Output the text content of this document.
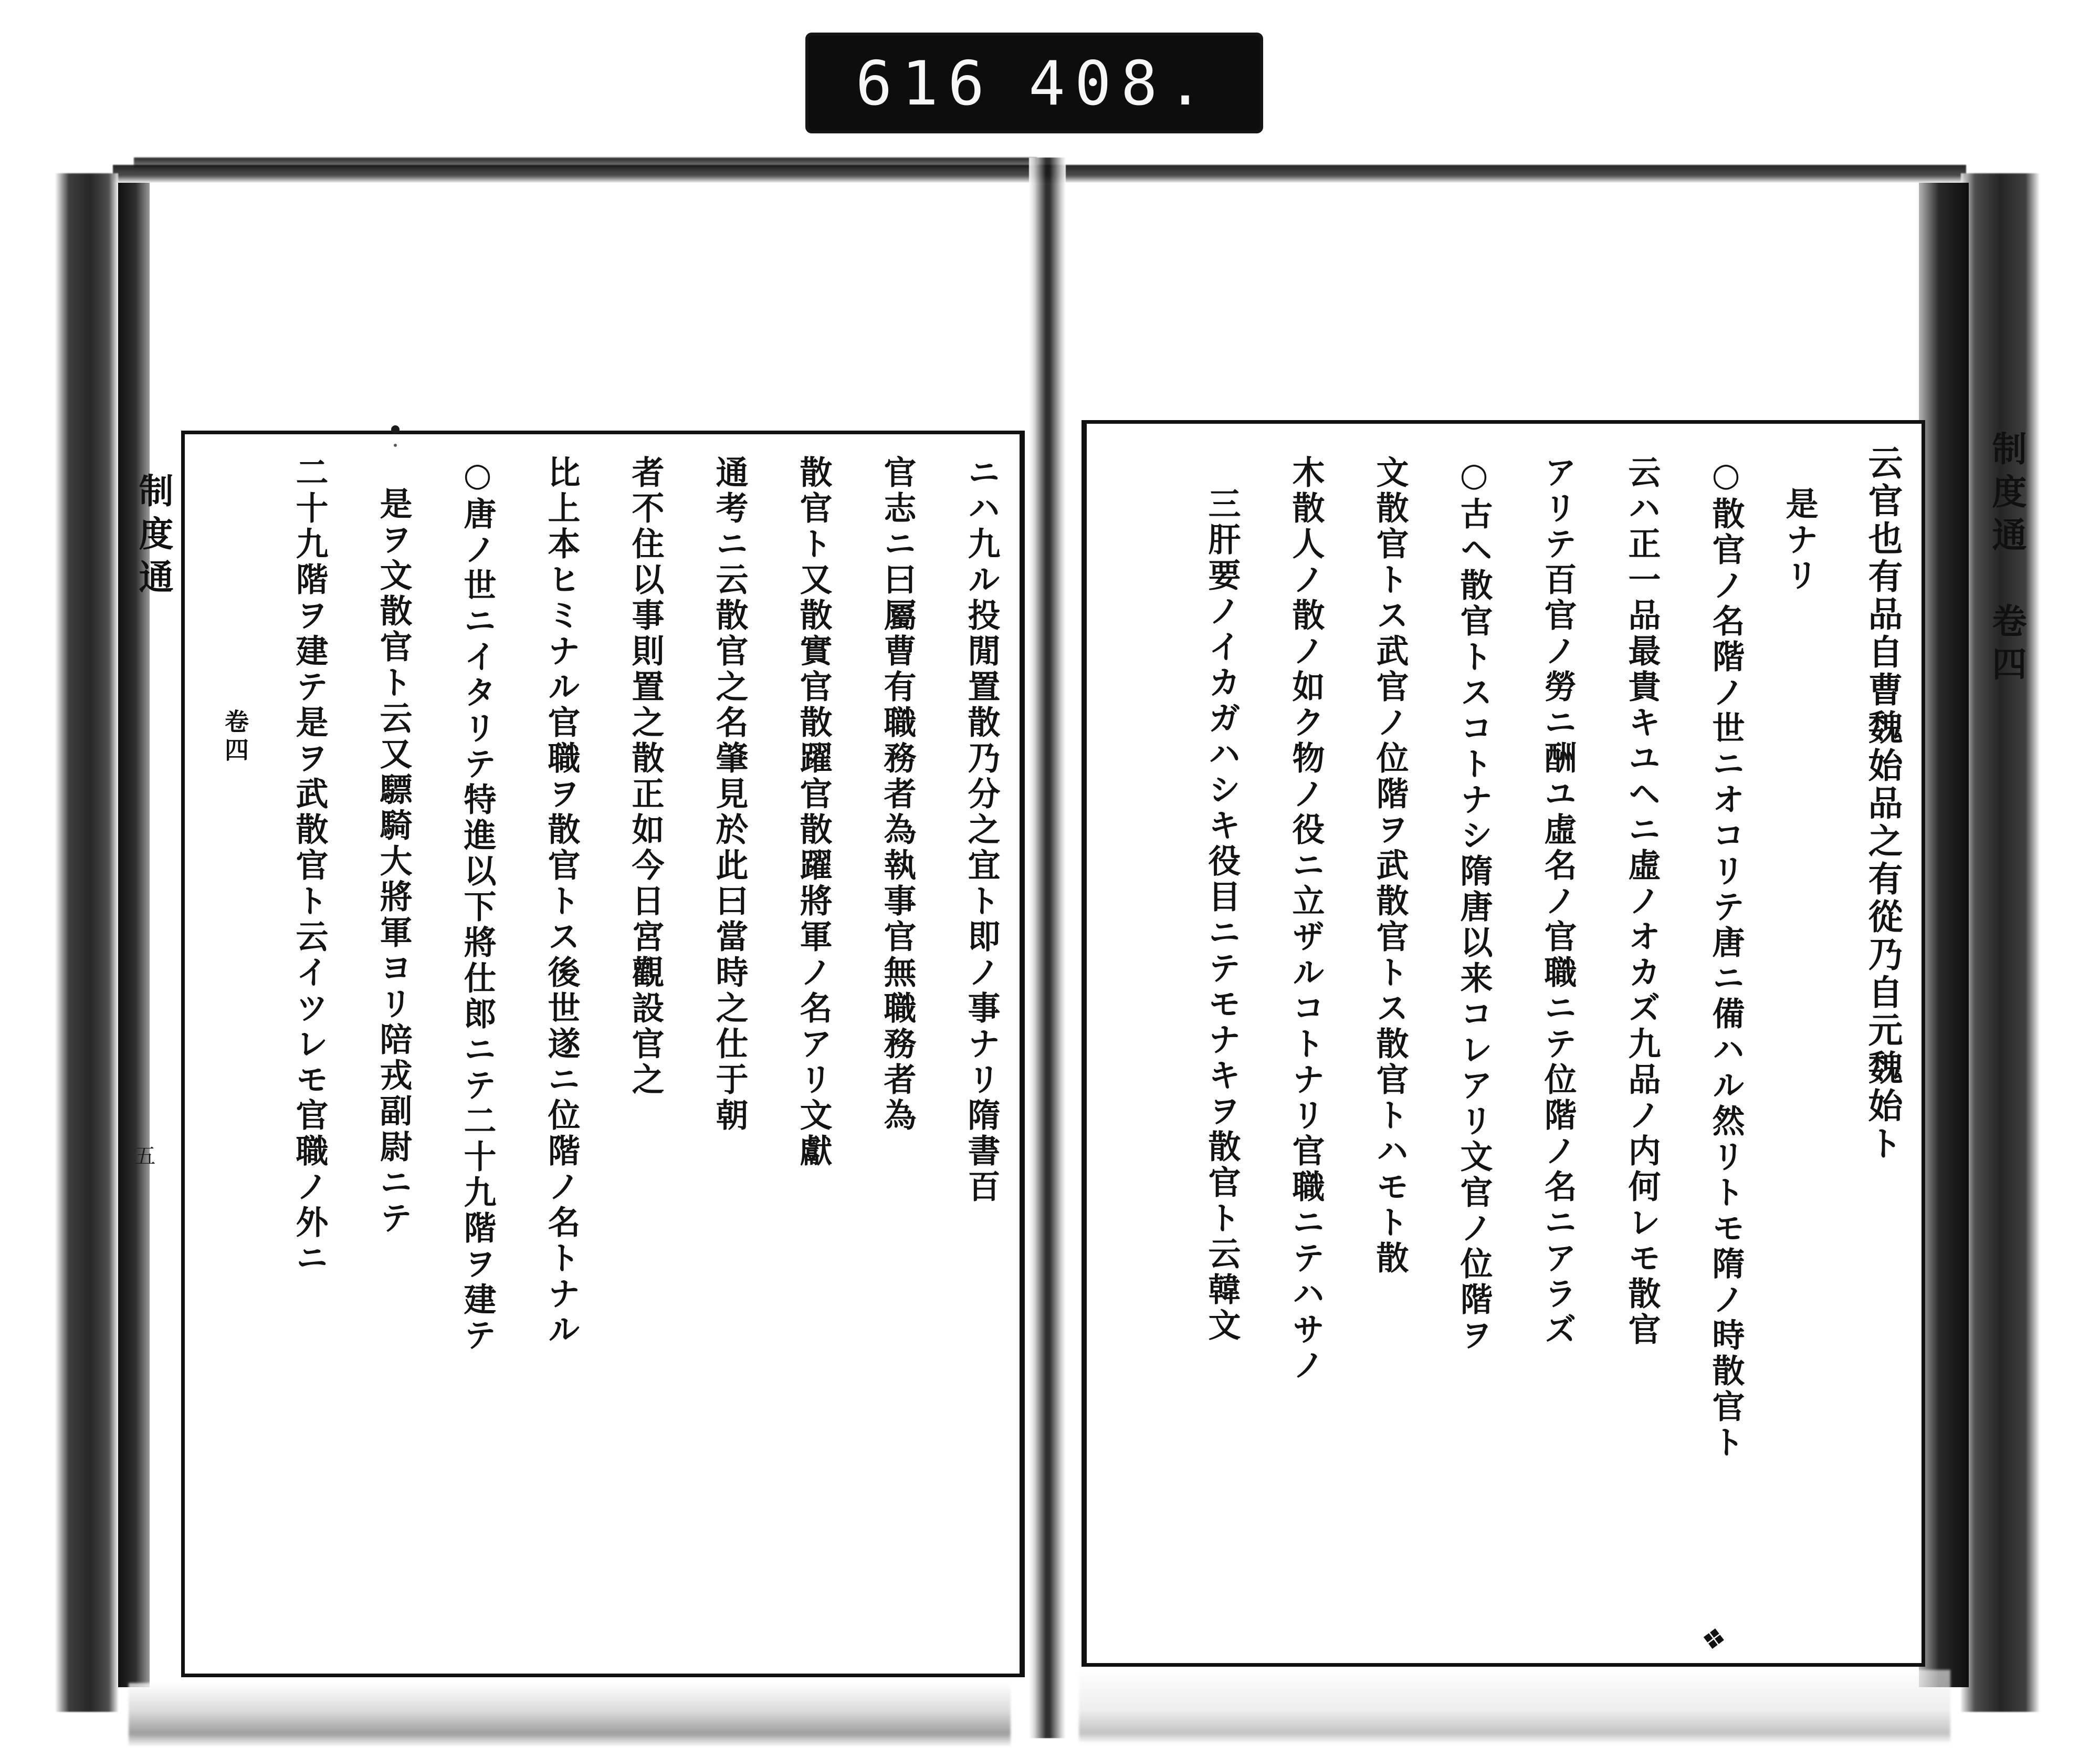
616 408.
云官也有品自曹魏始品之有從乃自元魏始ト
是ナリ
○散官ノ名階ノ世ニオコリテ唐ニ備ハル然リトモ隋ノ時散官ト
云ハ正一品最貴キユヘニ虛ノオカズ九品ノ内何レモ散官
アリテ百官ノ勞ニ酬ユ虛名ノ官職ニテ位階ノ名ニアラズ
○古ヘ散官トスコトナシ隋唐以来コレアリ文官ノ位階ヲ
文散官トス武官ノ位階ヲ武散官トス散官トハモト散
木散人ノ散ノ如ク物ノ役ニ立ザルコトナリ官職ニテハサノ
三肝要ノイカガハシキ役目ニテモナキヲ散官ト云韓文	制度通　卷四
ニハ九ル投閒置散乃分之宜ト即ノ事ナリ隋書百
官志ニ曰屬曹有職務者為執事官無職務者為
散官ト又散實官散躍官散躍將軍ノ名アリ文獻
通考ニ云散官之名肇見於此曰當時之仕于朝
者不住以事則置之散正如今日宮觀設官之
比上本ヒミナル官職ヲ散官トス後世遂ニ位階ノ名トナル
○唐ノ世ニイタリテ特進以下將仕郎ニテ二十九階ヲ建テ
是ヲ文散官ト云又驃騎大將軍ヨリ陪戎副尉ニテ
二十九階ヲ建テ是ヲ武散官ト云イツレモ官職ノ外ニ
制度通
卷四
五
❖
